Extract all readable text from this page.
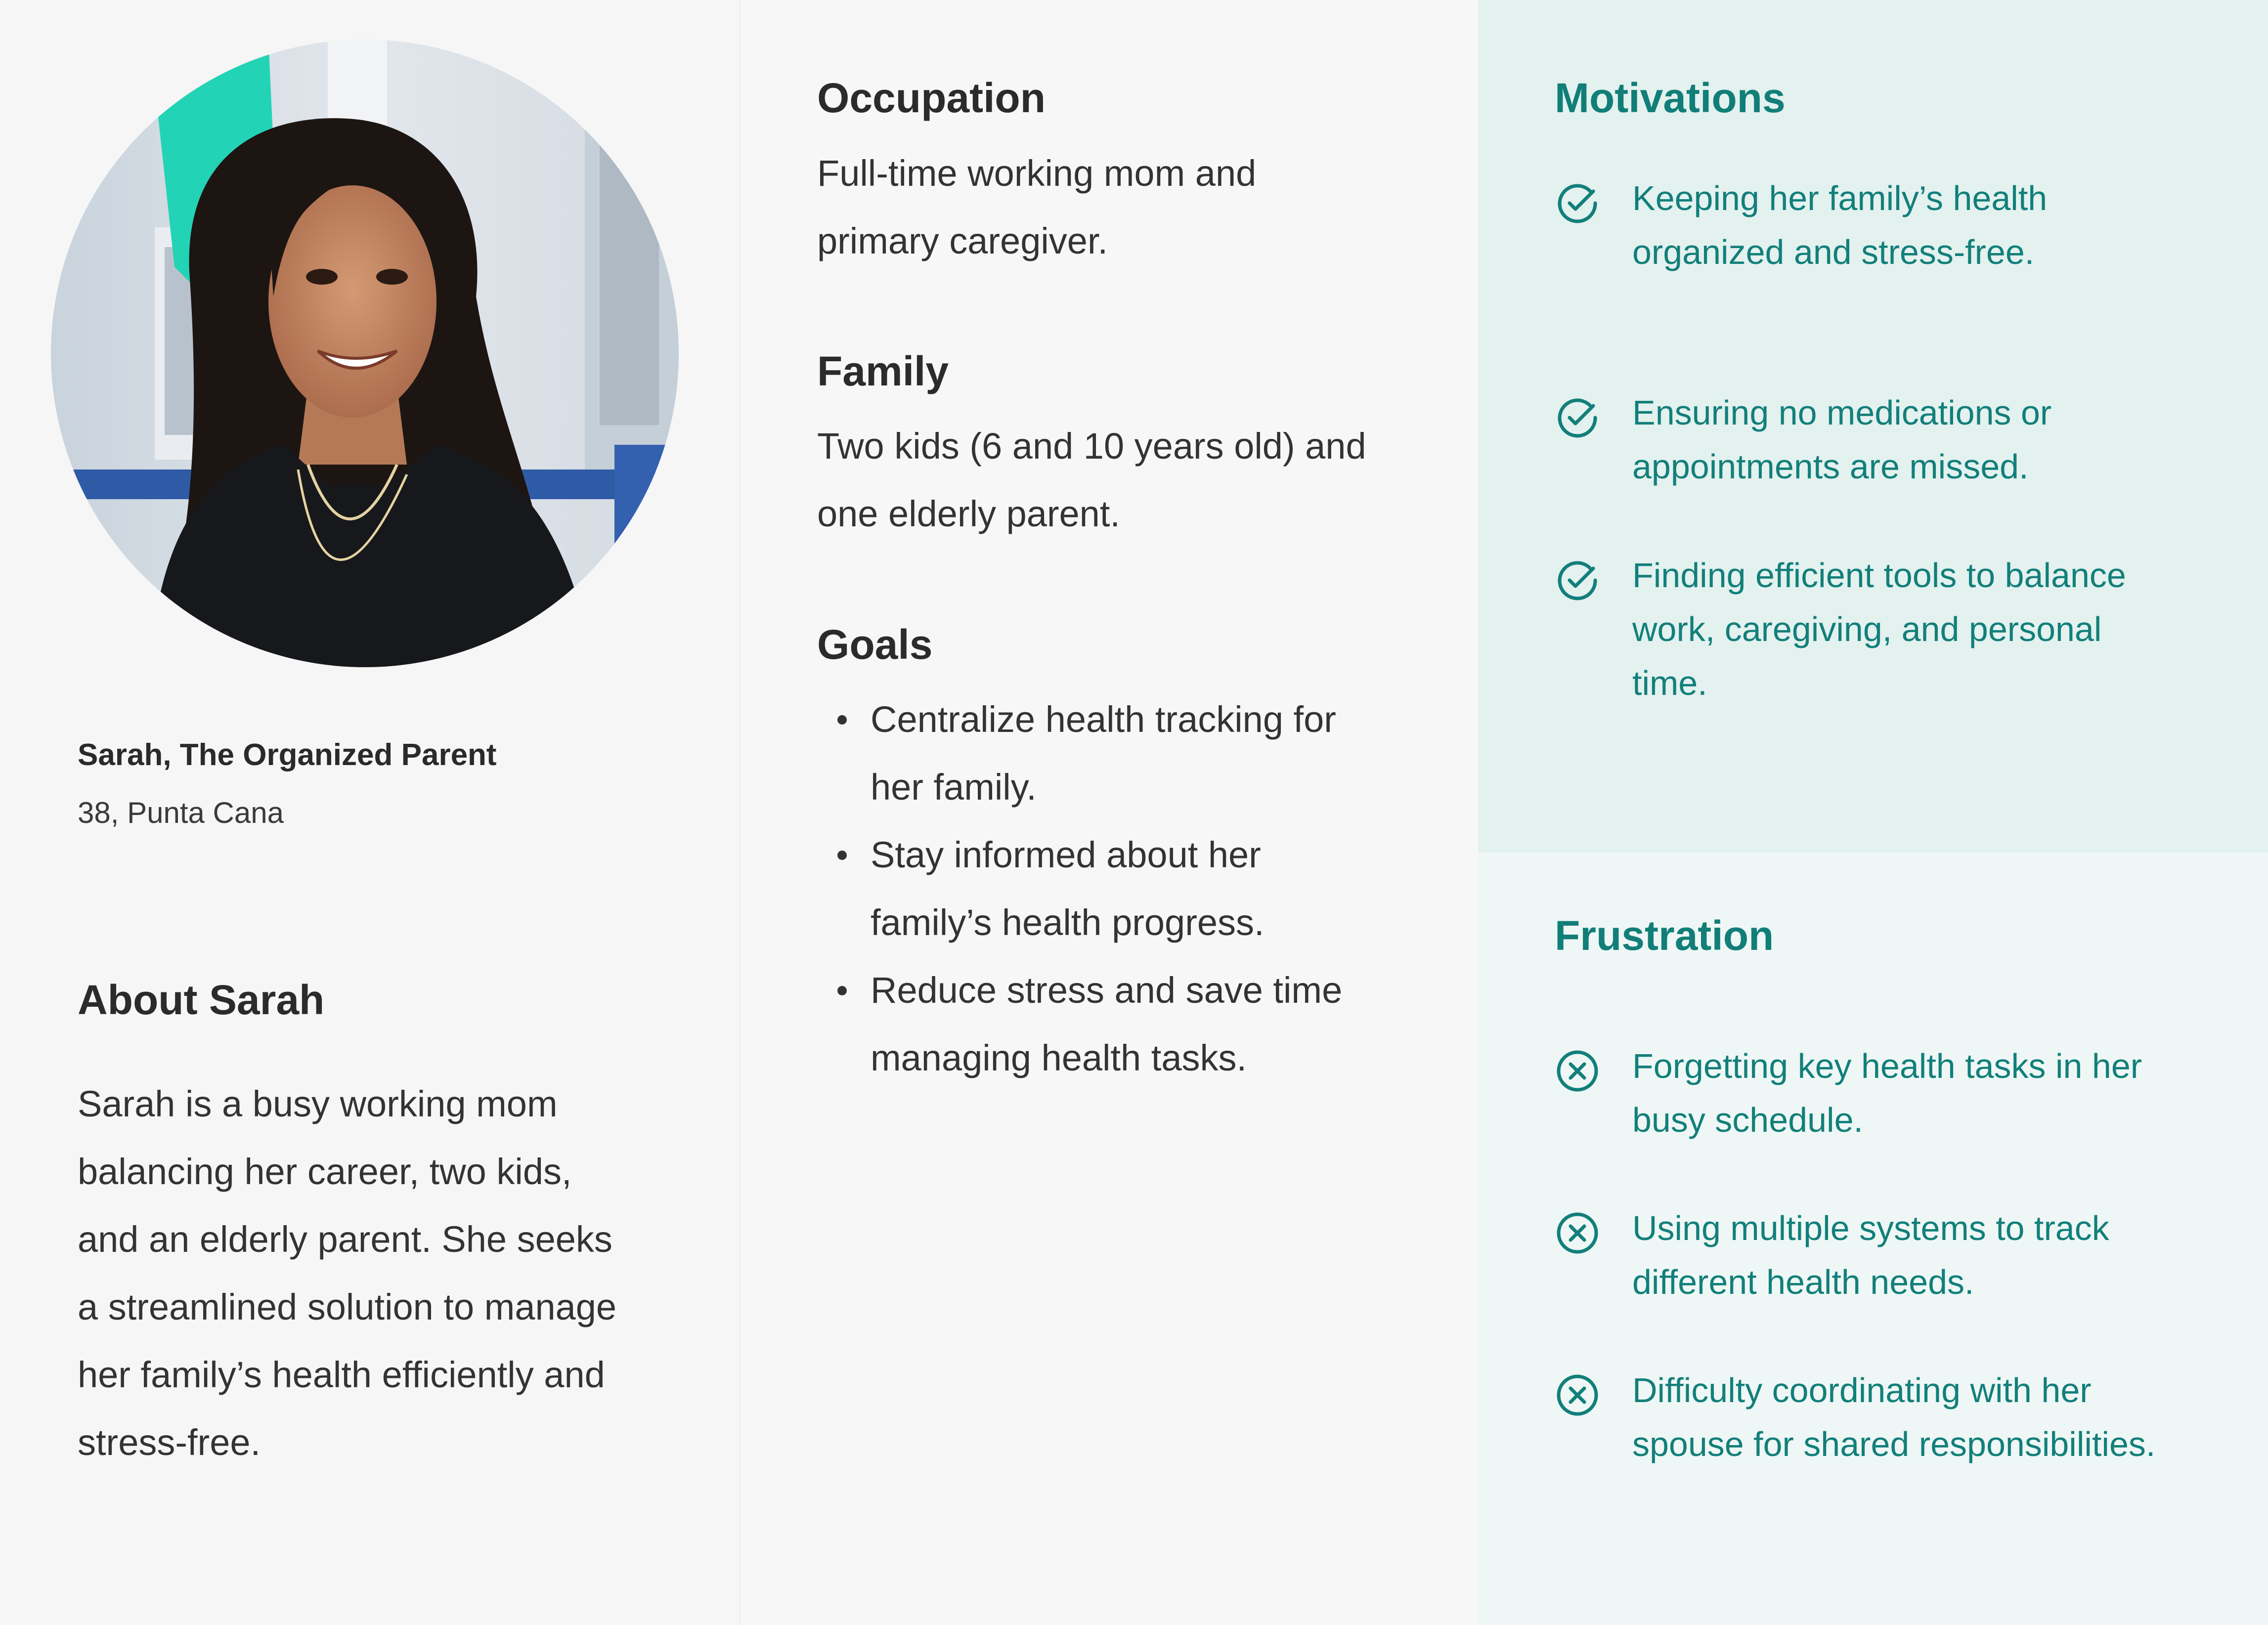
Sarah, The Organized Parent
38, Punta Cana
About Sarah
Sarah is a busy working mom
balancing her career, two kids,
and an elderly parent. She seeks
a streamlined solution to manage
her family’s health efficiently and
stress-free.
Occupation
Full-time working mom and
primary caregiver.
Family
Two kids (6 and 10 years old) and
one elderly parent.
Goals
Centralize health tracking for
her family.
Stay informed about her
family’s health progress.
Reduce stress and save time
managing health tasks.
Motivations
Keeping her family’s health
organized and stress-free.
Ensuring no medications or
appointments are missed.
Finding efficient tools to balance
work, caregiving, and personal
time.
Frustration
Forgetting key health tasks in her
busy schedule.
Using multiple systems to track
different health needs.
Difficulty coordinating with her
spouse for shared responsibilities.
